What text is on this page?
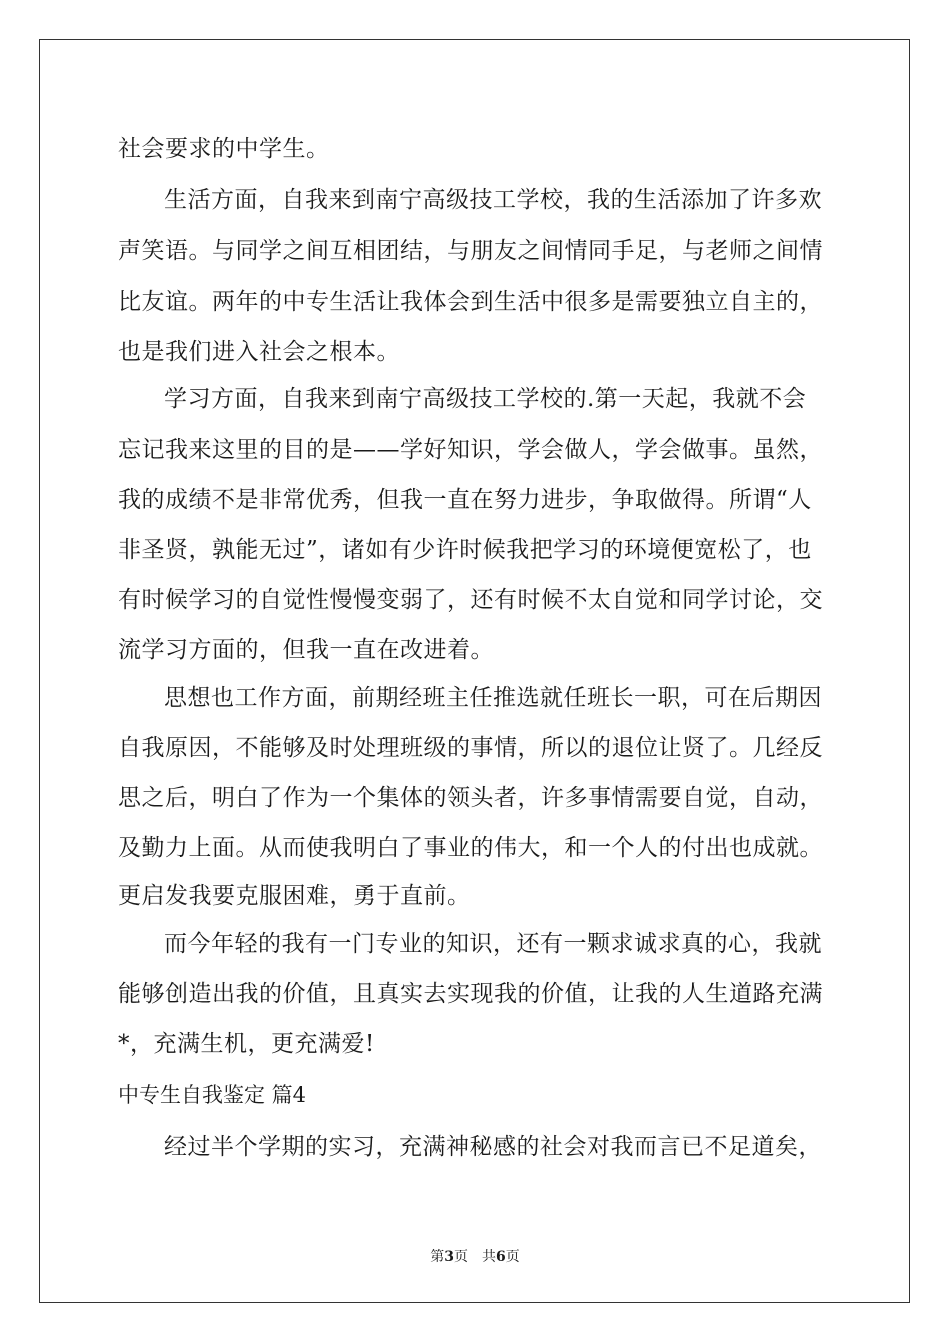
社会要求的中学生。
生活方面，自我来到南宁高级技工学校，我的生活添加了许多欢
声笑语。与同学之间互相团结，与朋友之间情同手足，与老师之间情
比友谊。两年的中专生活让我体会到生活中很多是需要独立自主的，
也是我们进入社会之根本。
学习方面，自我来到南宁高级技工学校的.第一天起，我就不会
忘记我来这里的目的是——学好知识，学会做人，学会做事。虽然，
我的成绩不是非常优秀，但我一直在努力进步，争取做得。所谓“人
非圣贤，孰能无过”，诸如有少许时候我把学习的环境便宽松了，也
有时候学习的自觉性慢慢变弱了，还有时候不太自觉和同学讨论，交
流学习方面的，但我一直在改进着。
思想也工作方面，前期经班主任推选就任班长一职，可在后期因
自我原因，不能够及时处理班级的事情，所以的退位让贤了。几经反
思之后，明白了作为一个集体的领头者，许多事情需要自觉，自动，
及勤力上面。从而使我明白了事业的伟大，和一个人的付出也成就。
更启发我要克服困难，勇于直前。
而今年轻的我有一门专业的知识，还有一颗求诚求真的心，我就
能够创造出我的价值，且真实去实现我的价值，让我的人生道路充满
*，充满生机，更充满爱!
中专生自我鉴定 篇4
经过半个学期的实习，充满神秘感的社会对我而言已不足道矣，
第3页　共6页
